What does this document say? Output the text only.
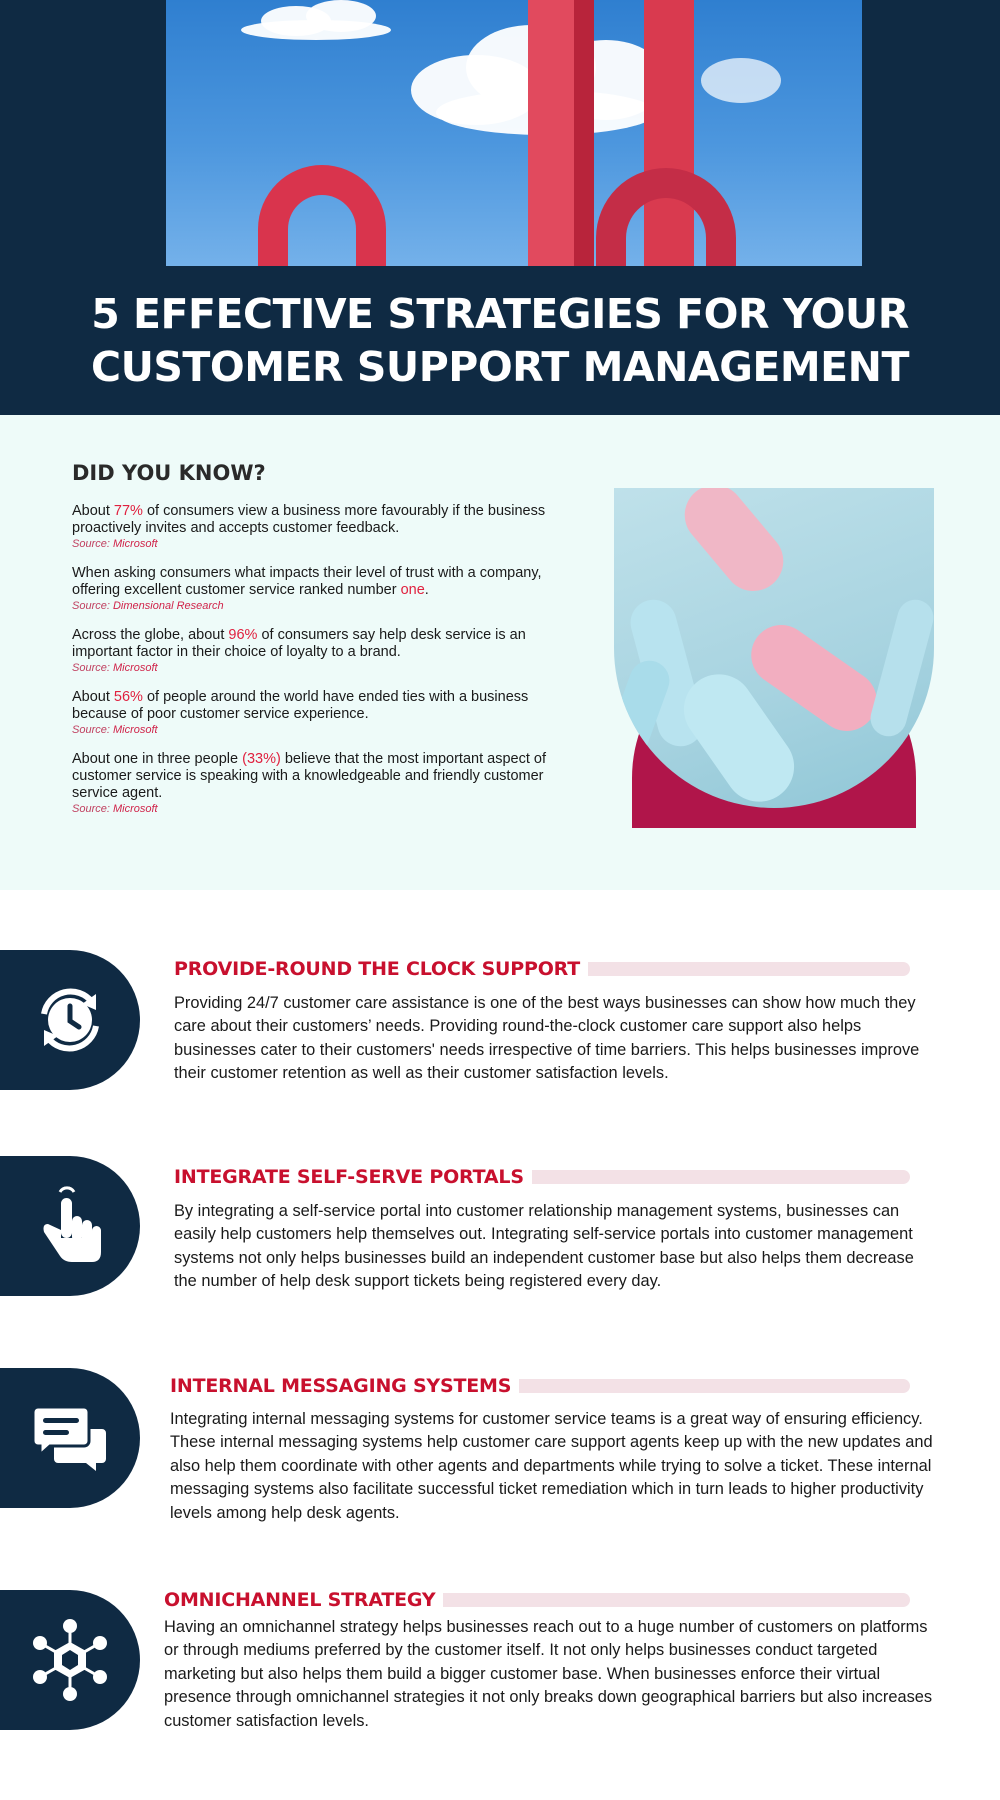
5 EFFECTIVE STRATEGIES FOR YOUR
CUSTOMER SUPPORT MANAGEMENT
DID YOU KNOW?
About 77% of consumers view a business more favourably if the business proactively invites and accepts customer feedback.
Source: Microsoft
When asking consumers what impacts their level of trust with a company, offering excellent customer service ranked number one.
Source: Dimensional Research
Across the globe, about 96% of consumers say help desk service is an important factor in their choice of loyalty to a brand.
Source: Microsoft
About 56% of people around the world have ended ties with a business because of poor customer service experience.
Source: Microsoft
About one in three people (33%) believe that the most important aspect of customer service is speaking with a knowledgeable and friendly customer service agent.
Source: Microsoft
PROVIDE-ROUND THE CLOCK SUPPORT
Providing 24/7 customer care assistance is one of the best ways businesses can show how much they care about their customers’ needs. Providing round-the-clock customer care support also helps businesses cater to their customers' needs irrespective of time barriers. This helps businesses improve their customer retention as well as their customer satisfaction levels.
INTEGRATE SELF-SERVE PORTALS
By integrating a self-service portal into customer relationship management systems, businesses can easily help customers help themselves out. Integrating self-service portals into customer management systems not only helps businesses build an independent customer base but also helps them decrease the number of help desk support tickets being registered every day.
INTERNAL MESSAGING SYSTEMS
Integrating internal messaging systems for customer service teams is a great way of ensuring efficiency. These internal messaging systems help customer care support agents keep up with the new updates and also help them coordinate with other agents and departments while trying to solve a ticket. These internal messaging systems also facilitate successful ticket remediation which in turn leads to higher productivity levels among help desk agents.
OMNICHANNEL STRATEGY
Having an omnichannel strategy helps businesses reach out to a huge number of customers on platforms or through mediums preferred by the customer itself. It not only helps businesses conduct targeted marketing but also helps them build a bigger customer base. When businesses enforce their virtual presence through omnichannel strategies it not only breaks down geographical barriers but also increases customer satisfaction levels.
